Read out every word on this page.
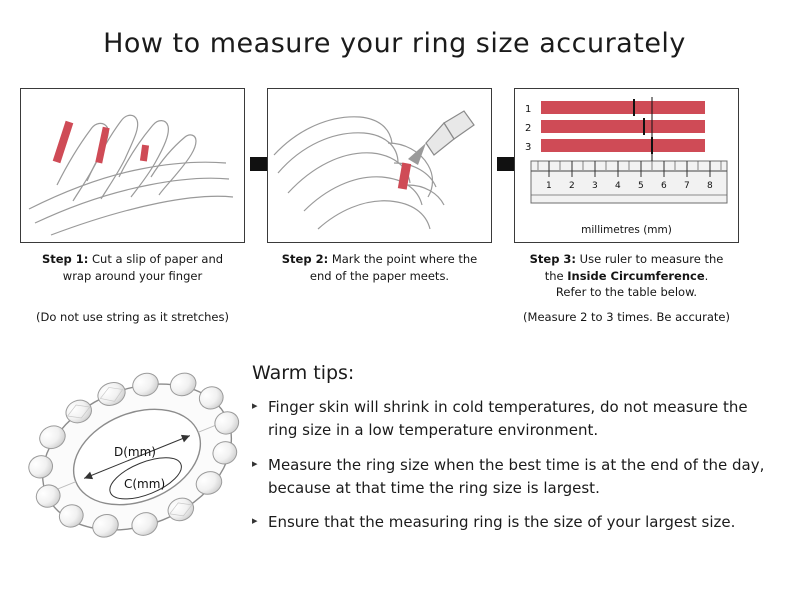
How to measure your ring size accurately
Step 1: Cut a slip of paper and
wrap around your finger
Step 2: Mark the point where the
end of the paper meets.
1
2
3
1 2 3 4 5 6 7 8
millimetres (mm)
Step 3: Use ruler to measure the
the Inside Circumference.
Refer to the table below.
(Do not use string as it stretches)	(Measure 2 to 3 times. Be accurate)
D(mm)
C(mm)
Warm tips:
▸ Finger skin will shrink in cold temperatures, do not measure the ring size in a low temperature environment.
▸ Measure the ring size when the best time is at the end of the day, because at that time the ring size is largest.
▸ Ensure that the measuring ring is the size of your largest size.
